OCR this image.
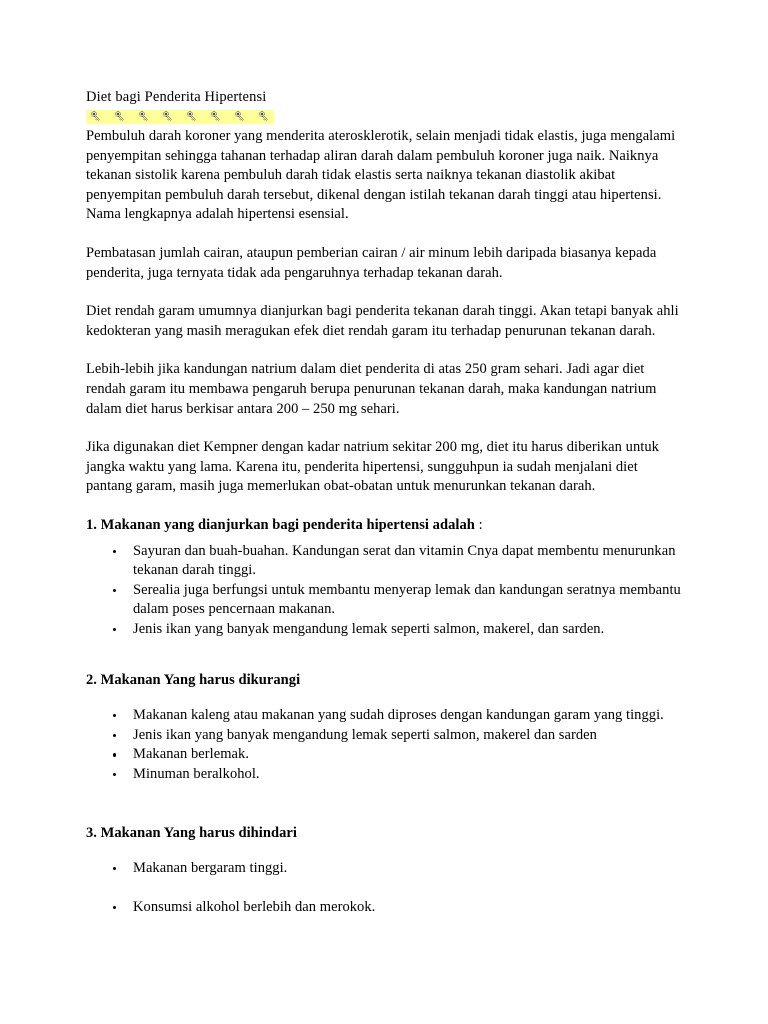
Diet bagi Penderita Hipertensi

Pembuluh darah koroner yang menderita aterosklerotik, selain menjadi tidak elastis, juga mengalami penyempitan sehingga tahanan terhadap aliran darah dalam pembuluh koroner juga naik. Naiknya tekanan sistolik karena pembuluh darah tidak elastis serta naiknya tekanan diastolik akibat penyempitan pembuluh darah tersebut, dikenal dengan istilah tekanan darah tinggi atau hipertensi. Nama lengkapnya adalah hipertensi esensial.

Pembatasan jumlah cairan, ataupun pemberian cairan / air minum lebih daripada biasanya kepada penderita, juga ternyata tidak ada pengaruhnya terhadap tekanan darah.

Diet rendah garam umumnya dianjurkan bagi penderita tekanan darah tinggi. Akan tetapi banyak ahli kedokteran yang masih meragukan efek diet rendah garam itu terhadap penurunan tekanan darah.

Lebih-lebih jika kandungan natrium dalam diet penderita di atas 250 gram sehari. Jadi agar diet rendah garam itu membawa pengaruh berupa penurunan tekanan darah, maka kandungan natrium dalam diet harus berkisar antara 200 – 250 mg sehari.

Jika digunakan diet Kempner dengan kadar natrium sekitar 200 mg, diet itu harus diberikan untuk jangka waktu yang lama. Karena itu, penderita hipertensi, sungguhpun ia sudah menjalani diet pantang garam, masih juga memerlukan obat-obatan untuk menurunkan tekanan darah.

1. Makanan yang dianjurkan bagi penderita hipertensi adalah :
Sayuran dan buah-buahan. Kandungan serat dan vitamin Cnya dapat membentu menurunkan tekanan darah tinggi.
Serealia juga berfungsi untuk membantu menyerap lemak dan kandungan seratnya membantu dalam poses pencernaan makanan.
Jenis ikan yang banyak mengandung lemak seperti salmon, makerel, dan sarden.
2. Makanan Yang harus dikurangi
Makanan kaleng atau makanan yang sudah diproses dengan kandungan garam yang tinggi.
Jenis ikan yang banyak mengandung lemak seperti salmon, makerel dan sarden
Makanan berlemak.
Minuman beralkohol.
3. Makanan Yang harus dihindari
Makanan bergaram tinggi.
Konsumsi alkohol berlebih dan merokok.
